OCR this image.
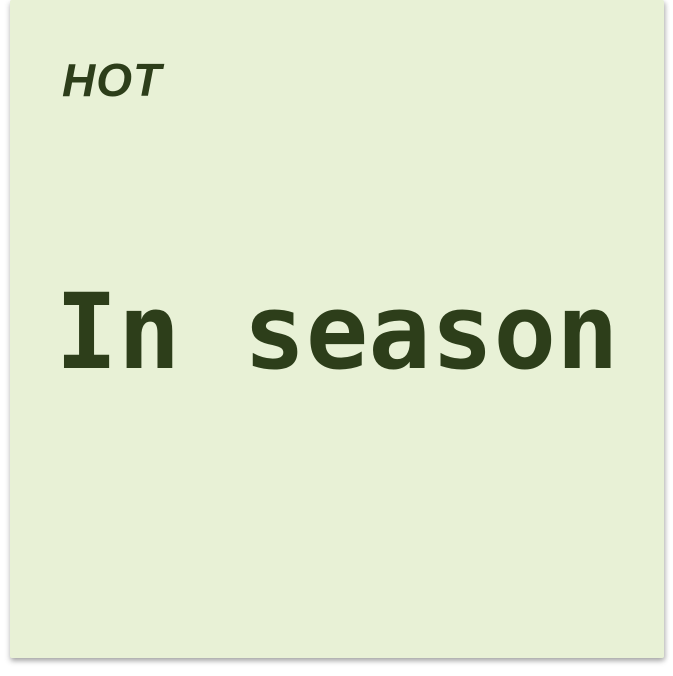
HOT

In season
